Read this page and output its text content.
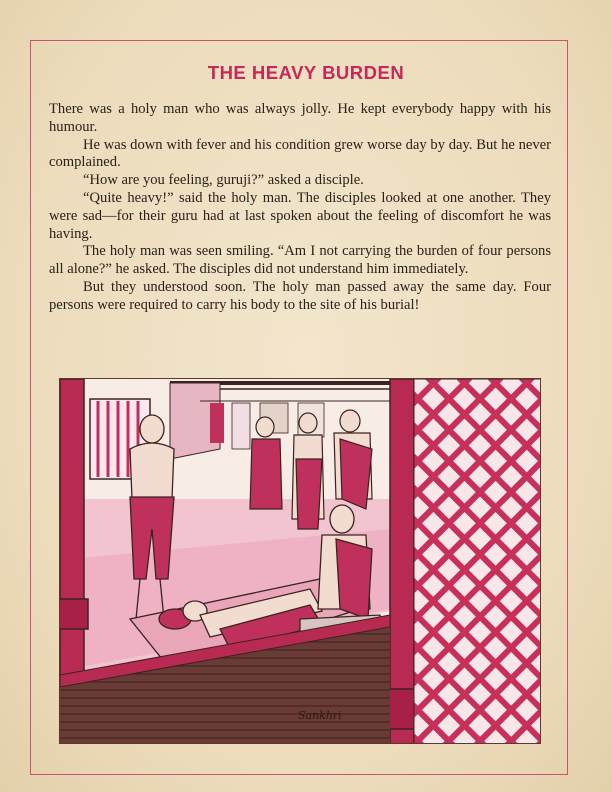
THE HEAVY BURDEN

There was a holy man who was always jolly. He kept everybody happy with his humour.

He was down with fever and his condition grew worse day by day. But he never complained.

“How are you feeling, guruji?” asked a disciple.

“Quite heavy!” said the holy man. The disciples looked at one another. They were sad—for their guru had at last spoken about the feeling of discomfort he was having.

The holy man was seen smiling. “Am I not carrying the burden of four persons all alone?” he asked. The disciples did not understand him immediately.

But they understood soon. The holy man passed away the same day. Four persons were required to carry his body to the site of his burial!

Sankhri
